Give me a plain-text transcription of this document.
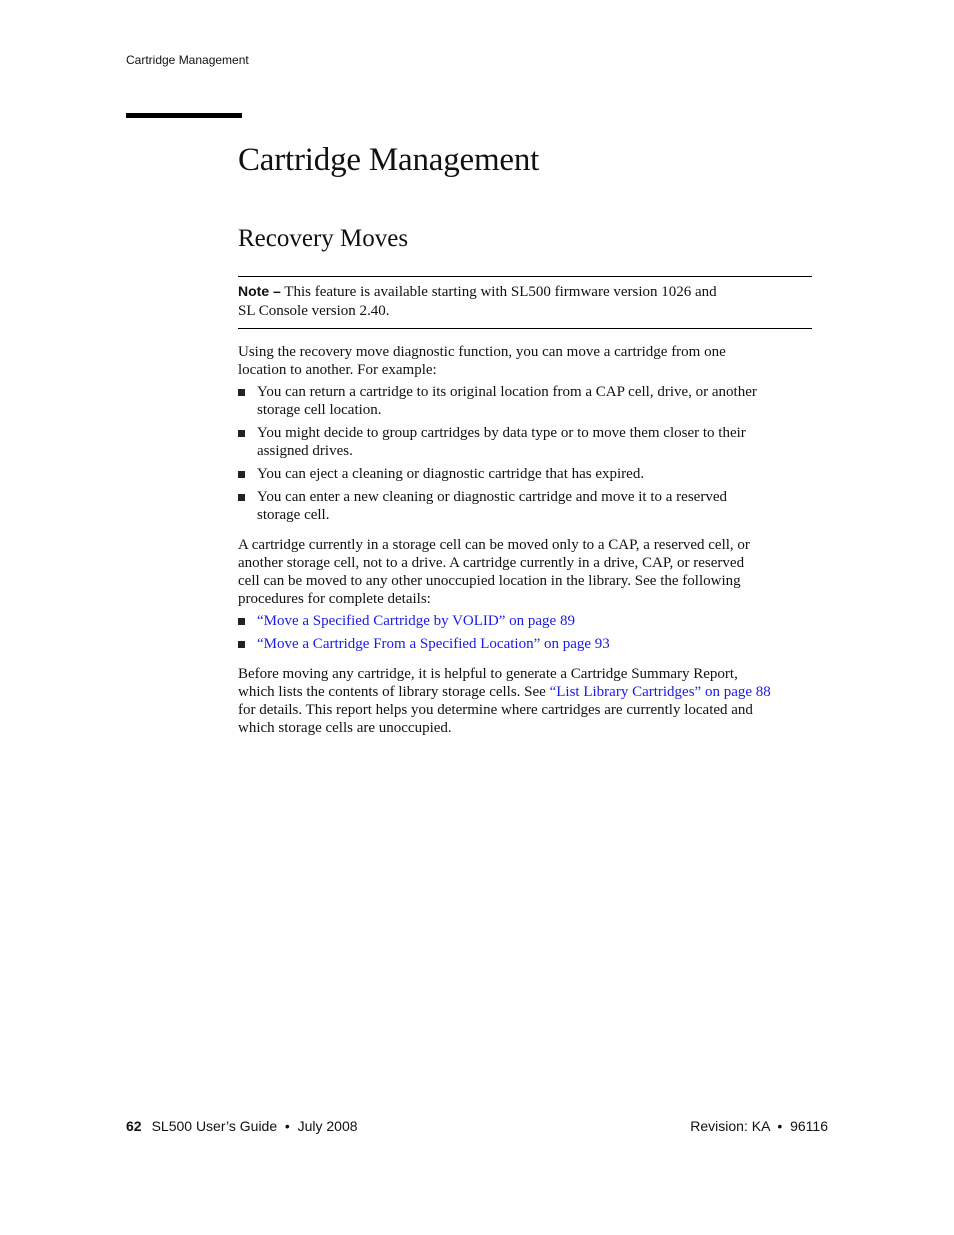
Cartridge Management
Cartridge Management
Recovery Moves
Note – This feature is available starting with SL500 firmware version 1026 and
SL Console version 2.40.

Using the recovery move diagnostic function, you can move a cartridge from one
location to another. For example:

You can return a cartridge to its original location from a CAP cell, drive, or another
storage cell location.
You might decide to group cartridges by data type or to move them closer to their
assigned drives.
You can eject a cleaning or diagnostic cartridge that has expired.
You can enter a new cleaning or diagnostic cartridge and move it to a reserved
storage cell.

A cartridge currently in a storage cell can be moved only to a CAP, a reserved cell, or
another storage cell, not to a drive. A cartridge currently in a drive, CAP, or reserved
cell can be moved to any other unoccupied location in the library. See the following
procedures for complete details:

“Move a Specified Cartridge by VOLID” on page 89
“Move a Cartridge From a Specified Location” on page 93

Before moving any cartridge, it is helpful to generate a Cartridge Summary Report,
which lists the contents of library storage cells. See “List Library Cartridges” on page 88
for details. This report helps you determine where cartridges are currently located and
which storage cells are unoccupied.

62 SL500 User’s Guide  •  July 2008	Revision: KA  •  96116
